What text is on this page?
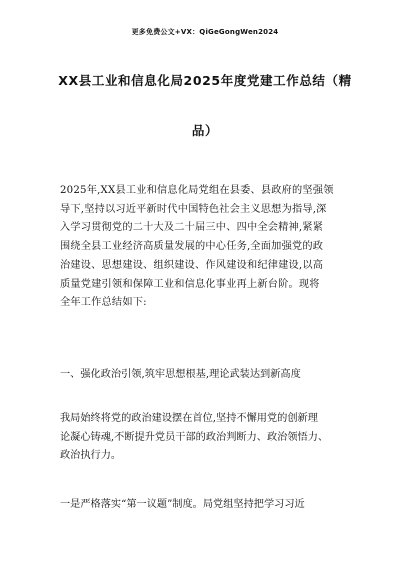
更多免费公文+VX：QiGeGongWen2024
XX县工业和信息化局2025年度党建工作总结（精
品）
2025年,XX县工业和信息化局党组在县委、县政府的坚强领
导下,坚持以习近平新时代中国特色社会主义思想为指导,深
入学习贯彻党的二十大及二十届三中、四中全会精神,紧紧
围绕全县工业经济高质量发展的中心任务,全面加强党的政
治建设、思想建设、组织建设、作风建设和纪律建设,以高
质量党建引领和保障工业和信息化事业再上新台阶。现将
全年工作总结如下:
一、强化政治引领,筑牢思想根基,理论武装达到新高度
我局始终将党的政治建设摆在首位,坚持不懈用党的创新理
论凝心铸魂,不断提升党员干部的政治判断力、政治领悟力、
政治执行力。
一是严格落实“第一议题”制度。局党组坚持把学习习近
